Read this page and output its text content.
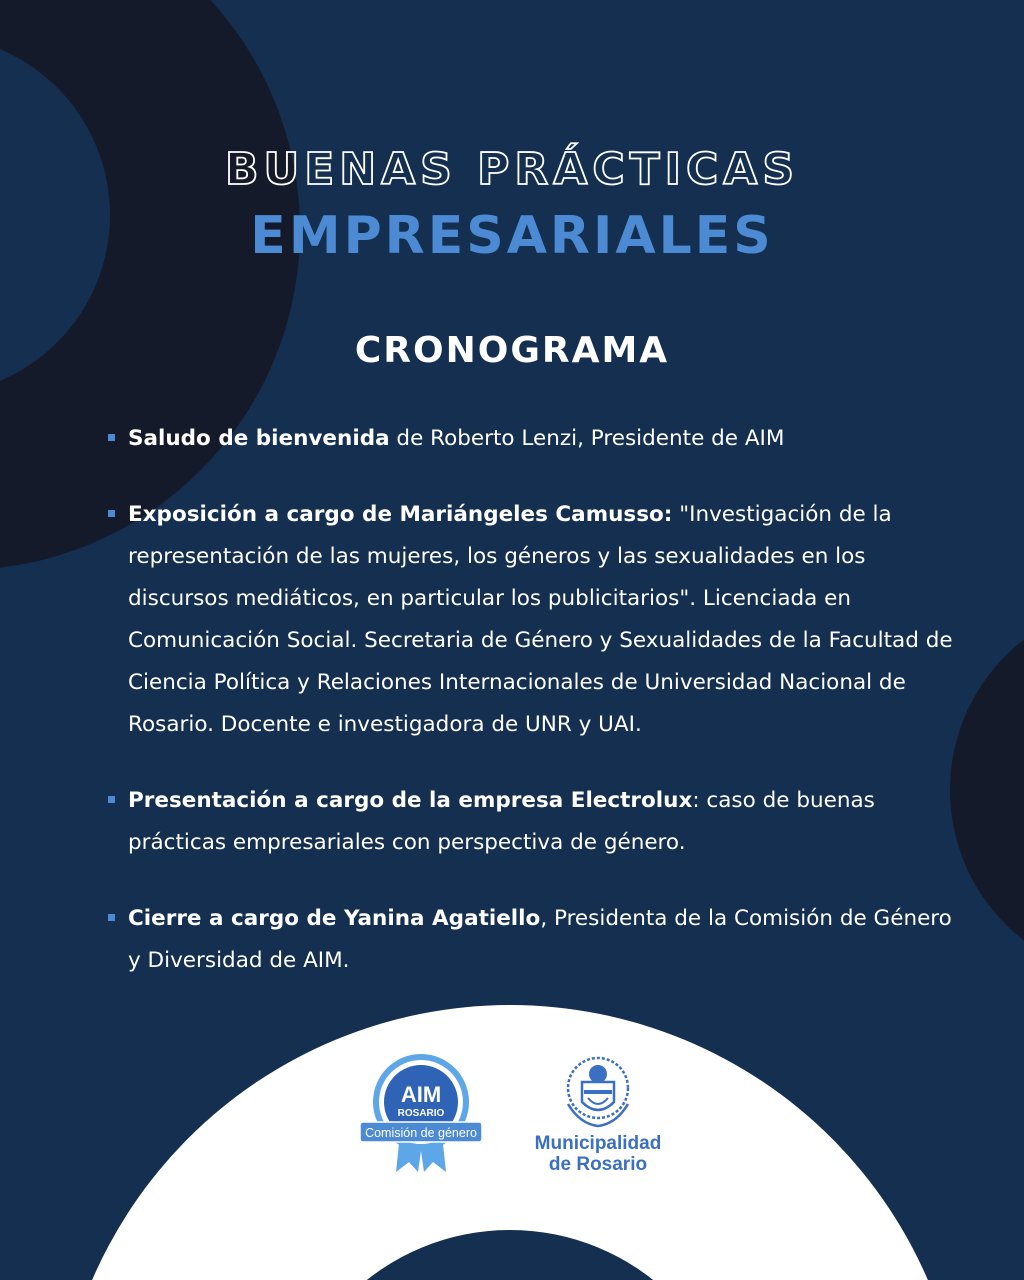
BUENAS PRÁCTICAS
EMPRESARIALES
CRONOGRAMA
Saludo de bienvenida de Roberto Lenzi, Presidente de AIM
Exposición a cargo de Mariángeles Camusso: "Investigación de la representación de las mujeres, los géneros y las sexualidades en los discursos mediáticos, en particular los publicitarios". Licenciada en Comunicación Social. Secretaria de Género y Sexualidades de la Facultad de Ciencia Política y Relaciones Internacionales de Universidad Nacional de Rosario. Docente e investigadora de UNR y UAI.
Presentación a cargo de la empresa Electrolux: caso de buenas prácticas empresariales con perspectiva de género.
Cierre a cargo de Yanina Agatiello, Presidenta de la Comisión de Género y Diversidad de AIM.
AIM
ROSARIO
Comisión de género	Municipalidad
de Rosario
